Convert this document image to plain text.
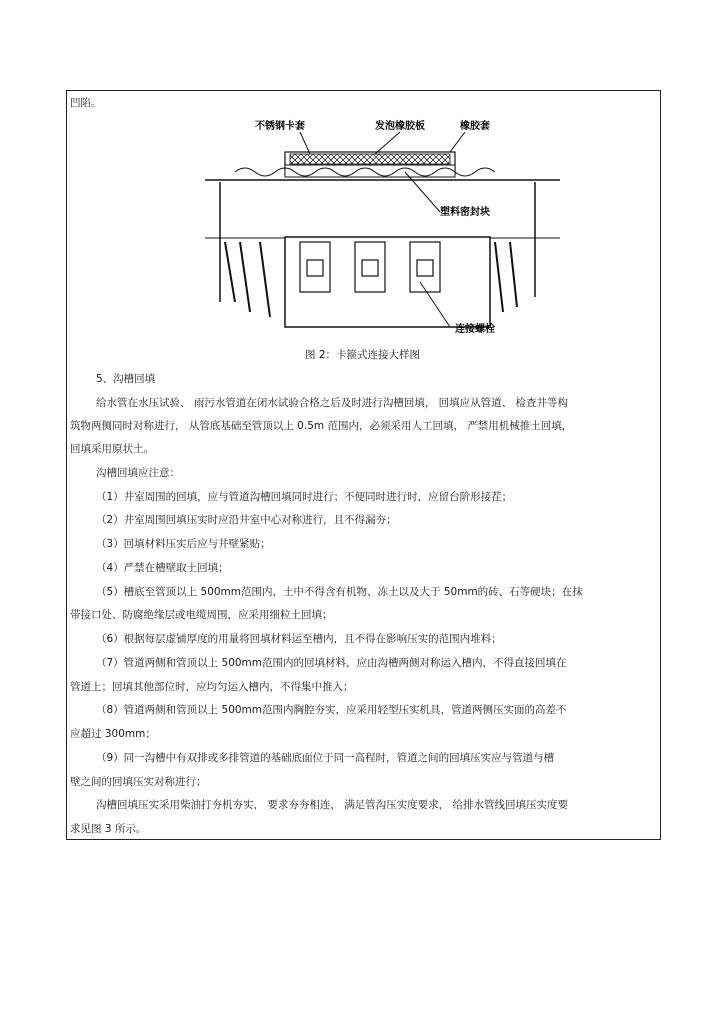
凹陷。
不锈钢卡套	发泡橡胶板	橡胶套
塑料密封块
连接螺栓
图 2：卡箍式连接大样图
5、沟槽回填
给水管在水压试验、 雨污水管道在闭水试验合格之后及时进行沟槽回填， 回填应从管道、 检查井等构
筑物两侧同时对称进行， 从管底基础至管顶以上 0.5m 范围内，必须采用人工回填， 严禁用机械推土回填，
回填采用原状土。
沟槽回填应注意：
（1）井室周围的回填，应与管道沟槽回填同时进行；不便同时进行时，应留台阶形接茬；
（2）井室周围回填压实时应沿井室中心对称进行，且不得漏夯；
（3）回填材料压实后应与井壁紧贴；
（4）严禁在槽壁取土回填；
（5）槽底至管顶以上 500mm范围内，土中不得含有机物、冻土以及大于 50mm的砖、石等硬块；在抹
带接口处、防腐绝缘层或电缆周围，应采用细粒土回填；
（6）根据每层虚铺厚度的用量将回填材料运至槽内，且不得在影响压实的范围内堆料；
（7）管道两侧和管顶以上 500mm范围内的回填材料，应由沟槽两侧对称运入槽内，不得直接回填在
管道上；回填其他部位时，应均匀运入槽内，不得集中推入；
（8）管道两侧和管顶以上 500mm范围内胸腔夯实，应采用轻型压实机具，管道两侧压实面的高差不
应超过 300mm；
（9）同一沟槽中有双排或多排管道的基础底面位于同一高程时，管道之间的回填压实应与管道与槽
壁之间的回填压实对称进行；
沟槽回填压实采用柴油打夯机夯实， 要求夯夯相连， 满足管沟压实度要求， 给排水管线回填压实度要
求见图 3 所示。
